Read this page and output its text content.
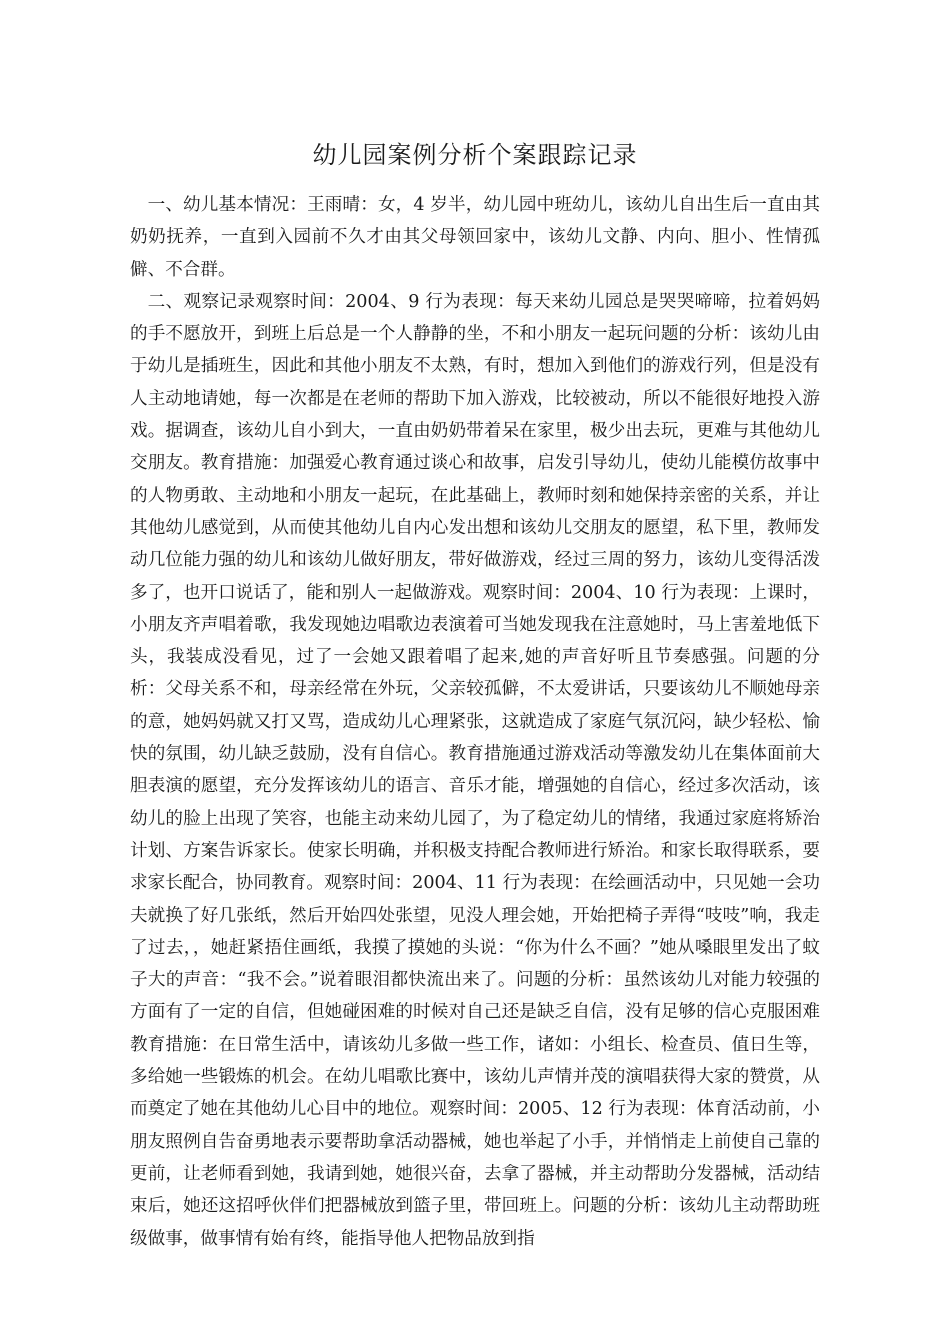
幼儿园案例分析个案跟踪记录

一、幼儿基本情况：王雨晴：女，4 岁半，幼儿园中班幼儿，该幼儿自出生后一直由其奶奶抚养，一直到入园前不久才由其父母领回家中，该幼儿文静、内向、胆小、性情孤僻、不合群。

二、观察记录观察时间：2004、9 行为表现：每天来幼儿园总是哭哭啼啼，拉着妈妈的手不愿放开，到班上后总是一个人静静的坐，不和小朋友一起玩问题的分析：该幼儿由于幼儿是插班生，因此和其他小朋友不太熟，有时，想加入到他们的游戏行列，但是没有人主动地请她，每一次都是在老师的帮助下加入游戏，比较被动，所以不能很好地投入游戏。据调查，该幼儿自小到大，一直由奶奶带着呆在家里，极少出去玩，更难与其他幼儿交朋友。教育措施：加强爱心教育通过谈心和故事，启发引导幼儿，使幼儿能模仿故事中的人物勇敢、主动地和小朋友一起玩，在此基础上，教师时刻和她保持亲密的关系，并让其他幼儿感觉到，从而使其他幼儿自内心发出想和该幼儿交朋友的愿望，私下里，教师发动几位能力强的幼儿和该幼儿做好朋友，带好做游戏，经过三周的努力，该幼儿变得活泼多了，也开口说话了，能和别人一起做游戏。观察时间：2004、10 行为表现：上课时，小朋友齐声唱着歌，我发现她边唱歌边表演着可当她发现我在注意她时，马上害羞地低下头，我装成没看见，过了一会她又跟着唱了起来,她的声音好听且节奏感强。问题的分析：父母关系不和，母亲经常在外玩，父亲较孤僻，不太爱讲话，只要该幼儿不顺她母亲的意，她妈妈就又打又骂，造成幼儿心理紧张，这就造成了家庭气氛沉闷，缺少轻松、愉快的氛围，幼儿缺乏鼓励，没有自信心。教育措施通过游戏活动等激发幼儿在集体面前大胆表演的愿望，充分发挥该幼儿的语言、音乐才能，增强她的自信心，经过多次活动，该幼儿的脸上出现了笑容，也能主动来幼儿园了，为了稳定幼儿的情绪，我通过家庭将矫治计划、方案告诉家长。使家长明确，并积极支持配合教师进行矫治。和家长取得联系，要求家长配合，协同教育。观察时间：2004、11 行为表现：在绘画活动中，只见她一会功夫就换了好几张纸，然后开始四处张望，见没人理会她，开始把椅子弄得“吱吱”响，我走了过去，，她赶紧捂住画纸，我摸了摸她的头说：“你为什么不画？”她从嗓眼里发出了蚊子大的声音：“我不会。”说着眼泪都快流出来了。问题的分析：虽然该幼儿对能力较强的方面有了一定的自信，但她碰困难的时候对自己还是缺乏自信，没有足够的信心克服困难教育措施：在日常生活中，请该幼儿多做一些工作，诸如：小组长、检查员、值日生等，多给她一些锻炼的机会。在幼儿唱歌比赛中，该幼儿声情并茂的演唱获得大家的赞赏，从而奠定了她在其他幼儿心目中的地位。观察时间：2005、12 行为表现：体育活动前，小朋友照例自告奋勇地表示要帮助拿活动器械，她也举起了小手，并悄悄走上前使自己靠的更前，让老师看到她，我请到她，她很兴奋，去拿了器械，并主动帮助分发器械，活动结束后，她还这招呼伙伴们把器械放到篮子里，带回班上。问题的分析：该幼儿主动帮助班级做事，做事情有始有终，能指导他人把物品放到指
